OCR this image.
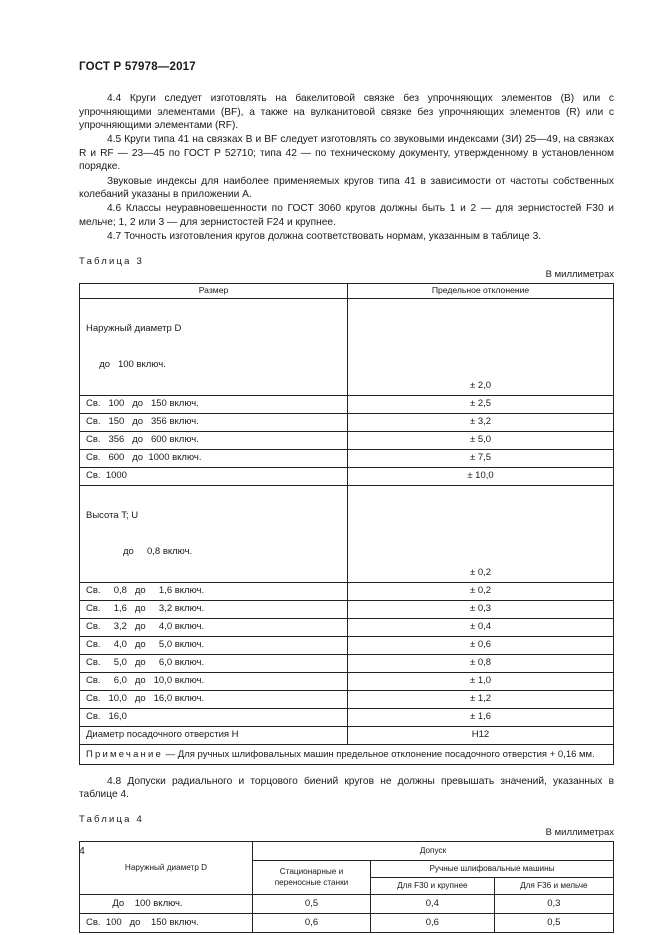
ГОСТ Р 57978—2017

4.4 Круги следует изготовлять на бакелитовой связке без упрочняющих элементов (В) или с упрочняющими элементами (BF), а также на вулканитовой связке без упрочняющих элементов (R) или с упрочняющими элементами (RF).

4.5 Круги типа 41 на связках В и BF следует изготовлять со звуковыми индексами (ЗИ) 25—49, на связках R и RF — 23—45 по ГОСТ Р 52710; типа 42 — по техническому документу, утвержденному в установленном порядке.

Звуковые индексы для наиболее применяемых кругов типа 41 в зависимости от частоты собственных колебаний указаны в приложении А.

4.6 Классы неуравновешенности по ГОСТ 3060 кругов должны быть 1 и 2 — для зернистостей F30 и мельче; 1, 2 или 3 — для зернистостей F24 и крупнее.

4.7 Точность изготовления кругов должна соответствовать нормам, указанным в таблице 3.

Таблица 3
В миллиметрах
Размер	Предельное отклонение

Наружный диаметр D

до   100 включ.	± 2,0
Св.   100   до   150 включ.	± 2,5
Св.   150   до   356 включ.	± 3,2
Св.   356   до   600 включ.	± 5,0
Св.   600   до  1000 включ.	± 7,5
Св.  1000	± 10,0

Высота T; U

до     0,8 включ.	± 0,2
Св.     0,8   до     1,6 включ.	± 0,2
Св.     1,6   до     3,2 включ.	± 0,3
Св.     3,2   до     4,0 включ.	± 0,4
Св.     4,0   до     5,0 включ.	± 0,6
Св.     5,0   до     6,0 включ.	± 0,8
Св.     6,0   до   10,0 включ.	± 1,0
Св.   10,0   до   16,0 включ.	± 1,2
Св.   16,0	± 1,6
Диаметр посадочного отверстия H	H12
Примечание — Для ручных шлифовальных машин предельное отклонение посадочного отверстия + 0,16 мм.	

4.8 Допуски радиального и торцового биений кругов не должны превышать значений, указанных в таблице 4.

Таблица 4
В миллиметрах
Наружный диаметр D	Допуск		
	Стационарные и переносные станки	Ручные шлифовальные машины	
		Для F30 и крупнее	Для F36 и мельче
До    100 включ.	0,5	0,4	0,3
Св.  100   до    150 включ.	0,6	0,6	0,5
4
